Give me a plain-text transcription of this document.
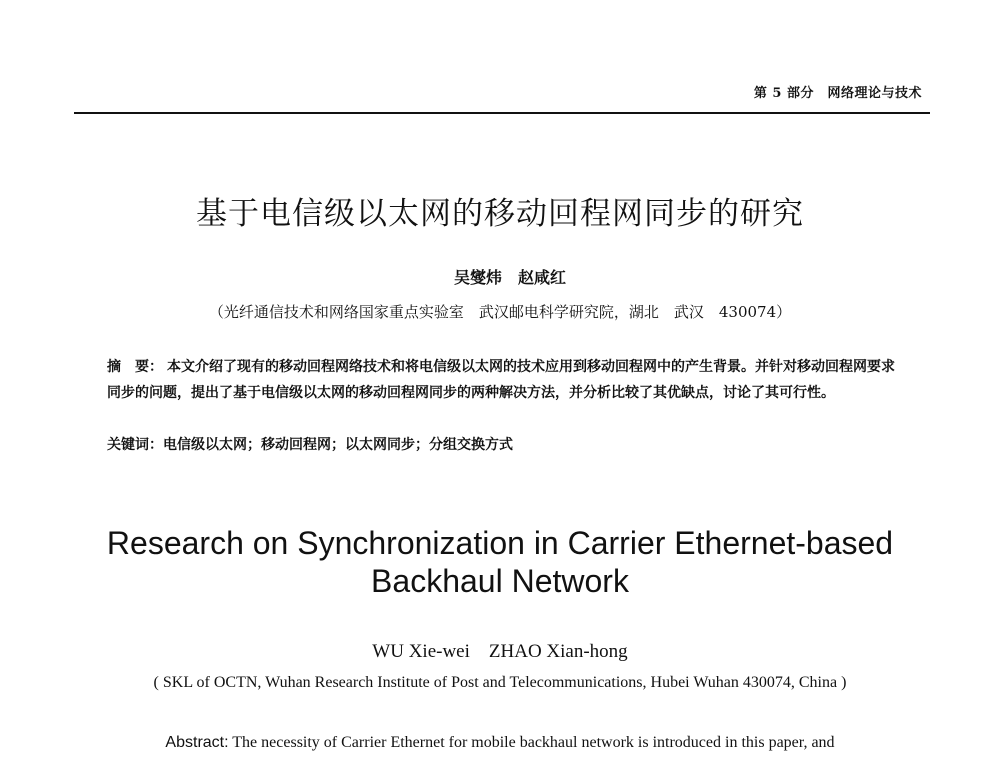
第 5 部分　网络理论与技术
基于电信级以太网的移动回程网同步的研究
吴燮炜　赵咸红
（光纤通信技术和网络国家重点实验室　武汉邮电科学研究院，湖北　武汉　430074）
摘　要： 本文介绍了现有的移动回程网络技术和将电信级以太网的技术应用到移动回程网中的产生背景。并针对移动回程网要求同步的问题，提出了基于电信级以太网的移动回程网同步的两种解决方法，并分析比较了其优缺点，讨论了其可行性。
关键词：电信级以太网；移动回程网；以太网同步；分组交换方式
Research on Synchronization in Carrier Ethernet-based Backhaul Network
WU Xie-wei　ZHAO Xian-hong
( SKL of OCTN, Wuhan Research Institute of Post and Telecommunications, Hubei Wuhan 430074, China )
Abstract: The necessity of Carrier Ethernet for mobile backhaul network is introduced in this paper, and
